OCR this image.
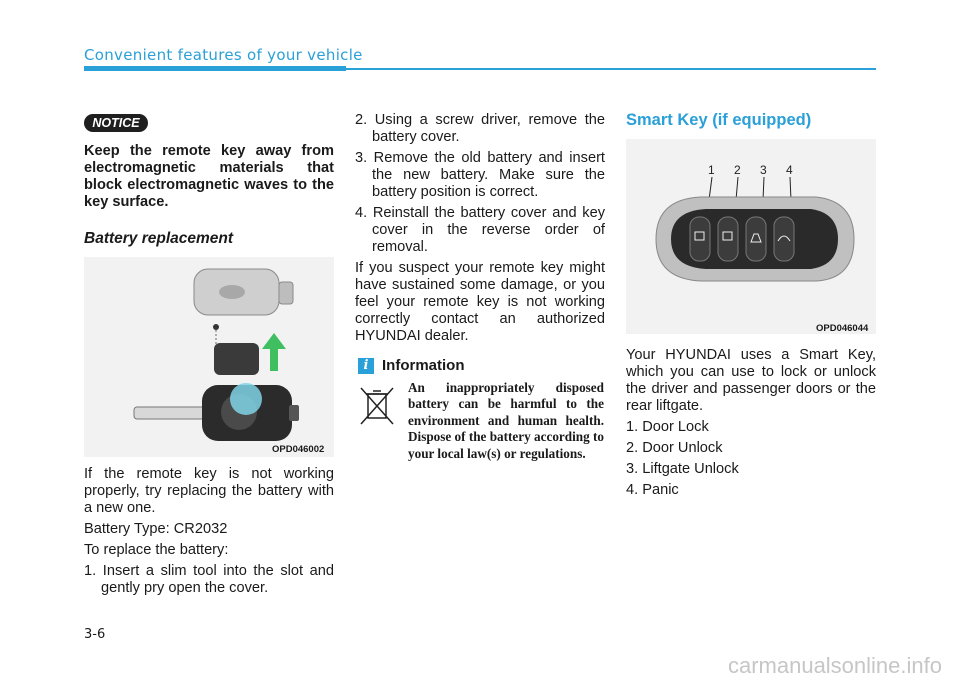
Convenient features of your vehicle
NOTICE

Keep the remote key away from electromagnetic materials that block electromagnetic waves to the key surface.

Battery replacement
OPD046002

If the remote key is not working properly, try replacing the battery with a new one.

Battery Type: CR2032

To replace the battery:

1. Insert a slim tool into the slot and gently pry open the cover.

2. Using a screw driver, remove the battery cover.

3. Remove the old battery and insert the new battery. Make sure the battery position is correct.

4. Reinstall the battery cover and key cover in the reverse order of removal.

If you suspect your remote key might have sustained some damage, or you feel your remote key is not working correctly contact an authorized HYUNDAI dealer.

i Information
An inappropriately disposed battery can be harmful to the environment and human health. Dispose of the battery according to your local law(s) or regulations.
Smart Key (if equipped)
1 2 3 4
OPD046044

Your HYUNDAI uses a Smart Key, which you can use to lock or unlock the driver and passenger doors or the rear liftgate.

1. Door Lock

2. Door Unlock

3. Liftgate Unlock

4. Panic

3-6
carmanualsonline.info
